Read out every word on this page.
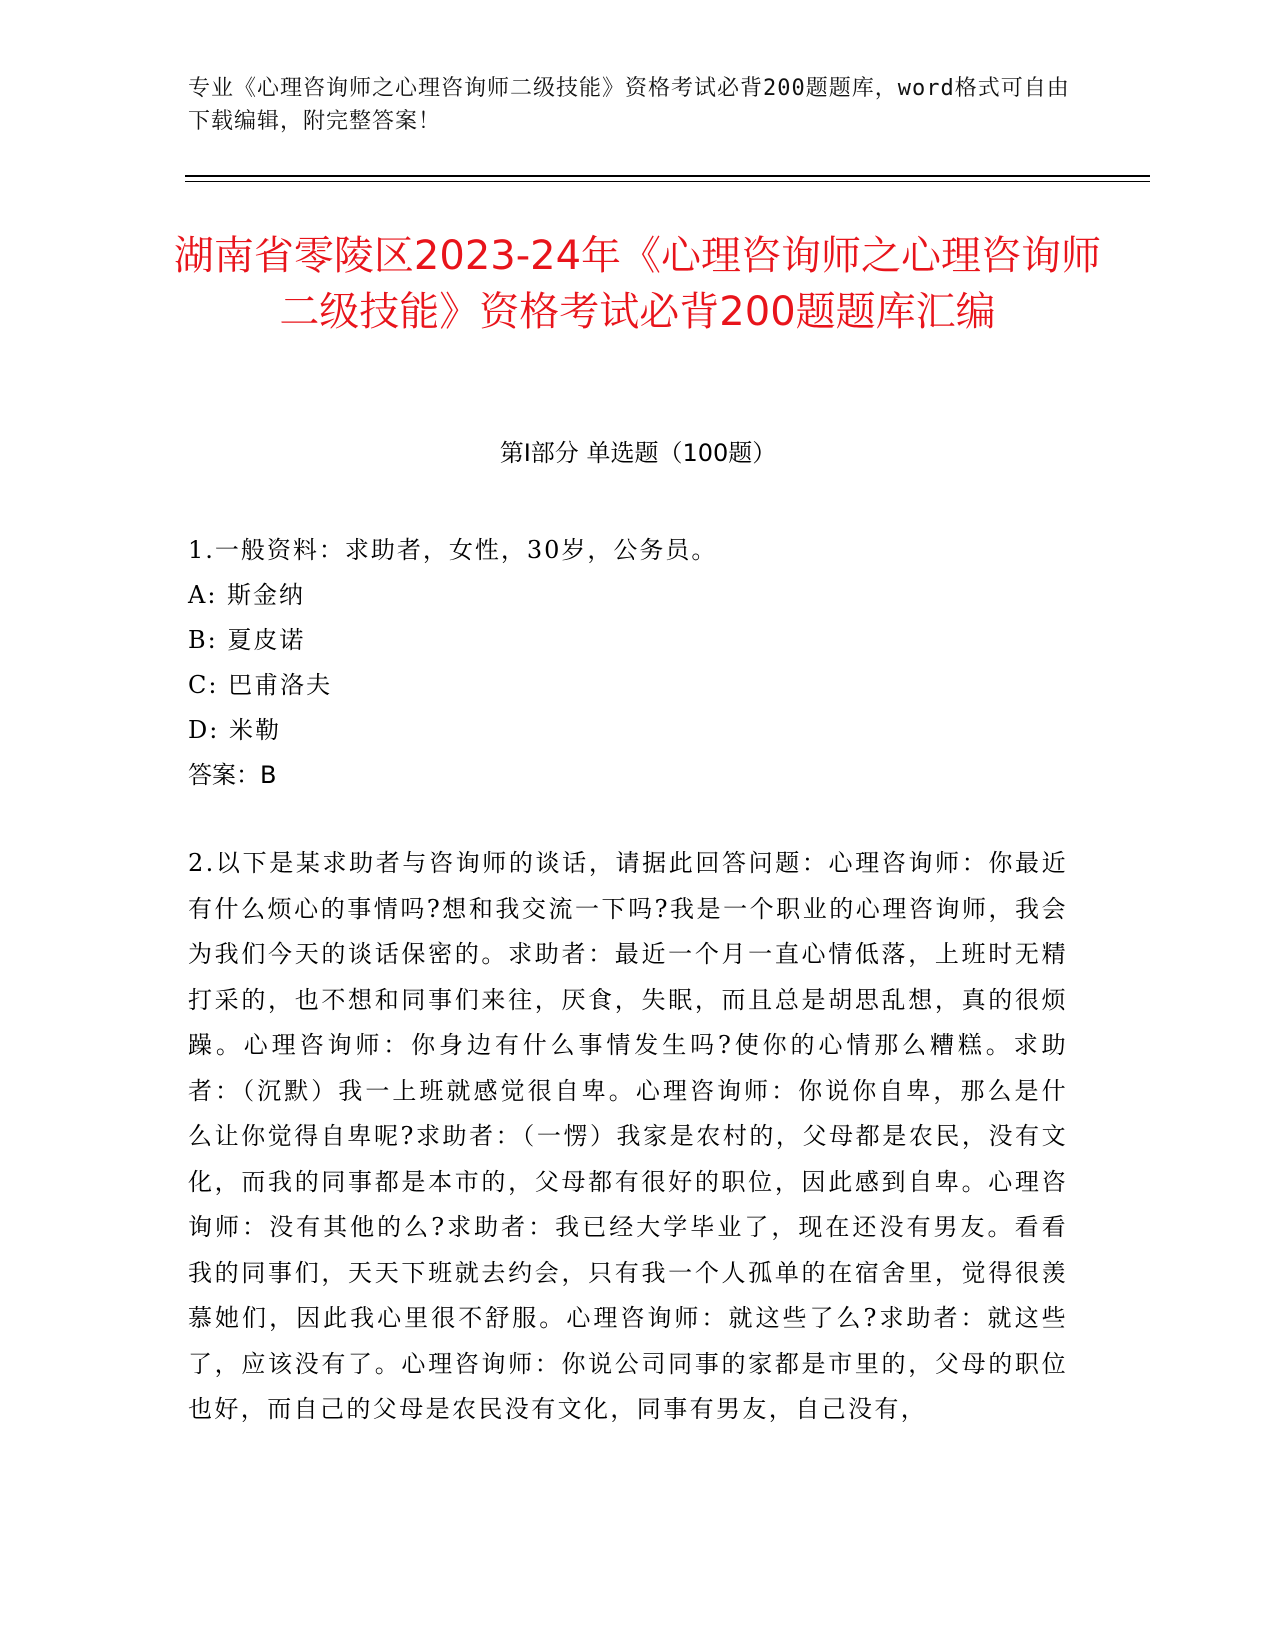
专业《心理咨询师之心理咨询师二级技能》资格考试必背200题题库，word格式可自由下载编辑，附完整答案！
湖南省零陵区2023-24年《心理咨询师之心理咨询师二级技能》资格考试必背200题题库汇编
第Ⅰ部分 单选题（100题）
1.一般资料：求助者，女性，30岁，公务员。
A: 斯金纳
B: 夏皮诺
C: 巴甫洛夫
D: 米勒
答案：B
2.以下是某求助者与咨询师的谈话，请据此回答问题：心理咨询师：你最近有什么烦心的事情吗?想和我交流一下吗?我是一个职业的心理咨询师，我会为我们今天的谈话保密的。求助者：最近一个月一直心情低落，上班时无精打采的，也不想和同事们来往，厌食，失眠，而且总是胡思乱想，真的很烦躁。心理咨询师：你身边有什么事情发生吗?使你的心情那么糟糕。求助者：（沉默）我一上班就感觉很自卑。心理咨询师：你说你自卑，那么是什么让你觉得自卑呢?求助者：（一愣）我家是农村的，父母都是农民，没有文化，而我的同事都是本市的，父母都有很好的职位，因此感到自卑。心理咨询师：没有其他的么?求助者：我已经大学毕业了，现在还没有男友。看看我的同事们，天天下班就去约会，只有我一个人孤单的在宿舍里，觉得很羡慕她们，因此我心里很不舒服。心理咨询师：就这些了么?求助者：就这些了，应该没有了。心理咨询师：你说公司同事的家都是市里的，父母的职位也好，而自己的父母是农民没有文化，同事有男友，自己没有，
